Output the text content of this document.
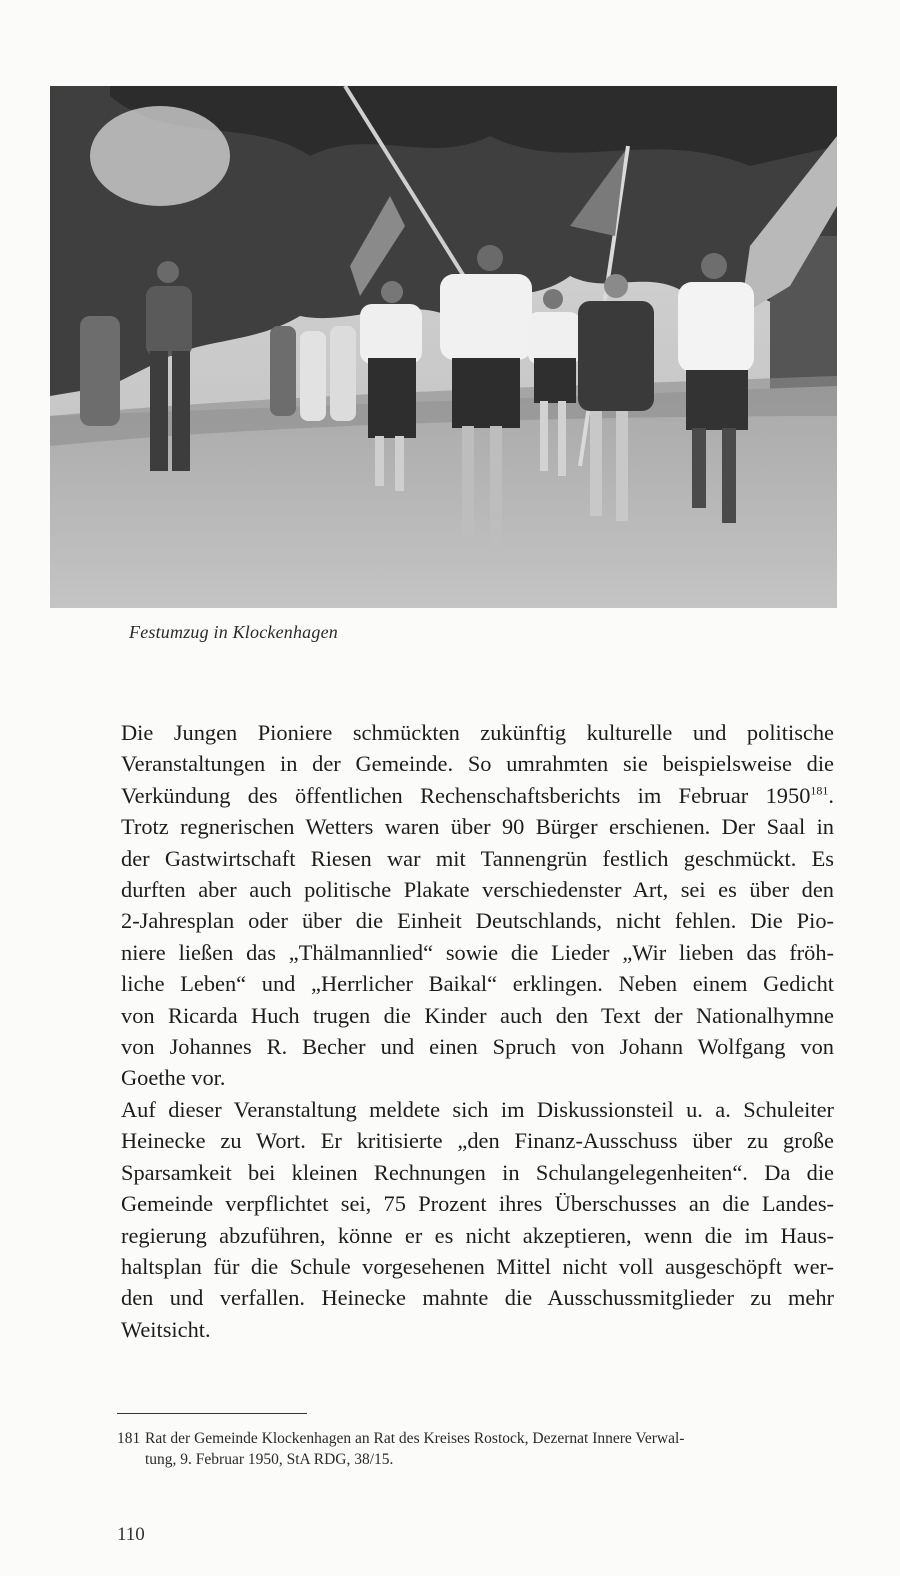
Festumzug in Klockenhagen

Die Jungen Pioniere schmückten zukünftig kulturelle und politische
Veranstaltungen in der Gemeinde. So umrahmten sie beispielsweise die
Verkündung des öffentlichen Rechenschaftsberichts im Februar 1950$^{181}$.
Trotz regnerischen Wetters waren über 90 Bürger erschienen. Der Saal in
der Gastwirtschaft Riesen war mit Tannengrün festlich geschmückt. Es
durften aber auch politische Plakate verschiedenster Art, sei es über den
2-Jahresplan oder über die Einheit Deutschlands, nicht fehlen. Die Pio-
niere ließen das „Thälmannlied“ sowie die Lieder „Wir lieben das fröh-
liche Leben“ und „Herrlicher Baikal“ erklingen. Neben einem Gedicht
von Ricarda Huch trugen die Kinder auch den Text der Nationalhymne
von Johannes R. Becher und einen Spruch von Johann Wolfgang von
Goethe vor.

Auf dieser Veranstaltung meldete sich im Diskussionsteil u. a. Schuleiter
Heinecke zu Wort. Er kritisierte „den Finanz-Ausschuss über zu große
Sparsamkeit bei kleinen Rechnungen in Schulangelegenheiten“. Da die
Gemeinde verpflichtet sei, 75 Prozent ihres Überschusses an die Landes-
regierung abzuführen, könne er es nicht akzeptieren, wenn die im Haus-
haltsplan für die Schule vorgesehenen Mittel nicht voll ausgeschöpft wer-
den und verfallen. Heinecke mahnte die Ausschussmitglieder zu mehr
Weitsicht.

181 Rat der Gemeinde Klockenhagen an Rat des Kreises Rostock, Dezernat Innere Verwal-
tung, 9. Februar 1950, StA RDG, 38/15.
110
